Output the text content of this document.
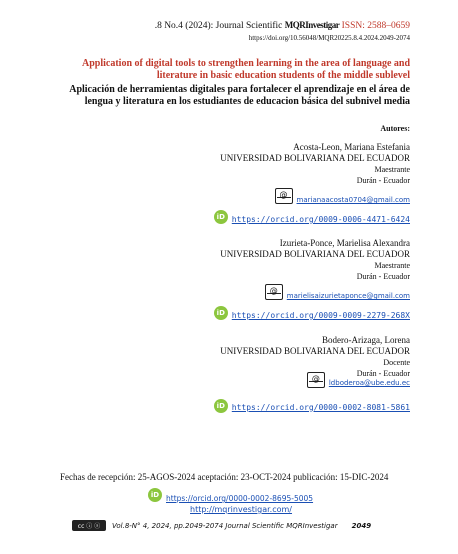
.8 No.4 (2024): Journal Scientific MQRInvestigar ISSN: 2588–0659
https://doi.org/10.56048/MQR20225.8.4.2024.2049-2074
Application of digital tools to strengthen learning in the area of language and literature in basic education students of the middle sublevel
Aplicación de herramientas digitales para fortalecer el aprendizaje en el área de lengua y literatura en los estudiantes de educacion básica del subnivel media
Autores:
Acosta-Leon, Mariana Estefania
UNIVERSIDAD BOLIVARIANA DEL ECUADOR
Maestrante
Durán - Ecuador
@
marianaacosta0704@gmail.com
iD https://orcid.org/0009-0006-4471-6424
Izurieta-Ponce, Marielisa Alexandra
UNIVERSIDAD BOLIVARIANA DEL ECUADOR
Maestrante
Durán - Ecuador
@
marielisaizurietaponce@gmail.com
iD https://orcid.org/0009-0009-2279-268X
Bodero-Arizaga, Lorena
UNIVERSIDAD BOLIVARIANA DEL ECUADOR
Docente
Durán - Ecuador
@ ldboderoa@ube.edu.ec
iD https://orcid.org/0000-0002-8081-5861
Fechas de recepción: 25-AGOS-2024 aceptación: 23-OCT-2024 publicación: 15-DIC-2024
iD https://orcid.org/0000-0002-8695-5005
http://mqrinvestigar.com/
cc ⓘ ⓢ	Vol.8-N° 4, 2024, pp.2049-2074 Journal Scientific MQRInvestigar 2049
